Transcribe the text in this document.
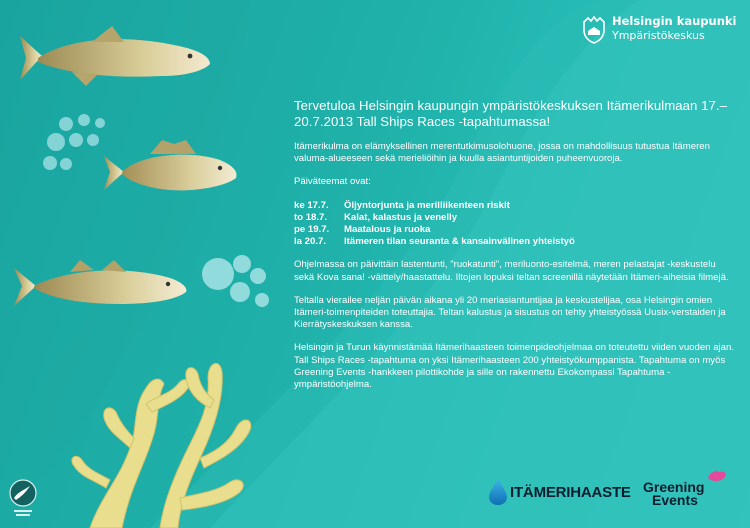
Helsingin kaupunki
Ympäristökeskus
Tervetuloa Helsingin kaupungin ympäristökeskuksen Itämerikulmaan 17.–20.7.2013 Tall Ships Races -tapahtumassa!

Itämerikulma on elämyksellinen merentutkimusolohuone, jossa on mahdollisuus tutustua Itämeren valuma-alueeseen sekä merieliöihin ja kuulla asiantuntijoiden puheenvuoroja.

Päiväteemat ovat:

ke 17.7.	Öljyntorjunta ja merilliikenteen riskit
to 18.7.	Kalat, kalastus ja venelly
pe 19.7.	Maatalous ja ruoka
la 20.7.	Itämeren tilan seuranta & kansainvälinen yhteistyö

Ohjelmassa on päivittäin lastentunti, "ruokatunti", meriluonto-esitelmä, meren pelastajat -keskustelu sekä Kova sana! -väittely/haastattelu. Iltojen lopuksi teltan screenillä näytetään Itämeri-aiheisia filmejä.

Teltalla vierailee neljän päivän aikana yli 20 meriasiantuntijaa ja keskustelijaa, osa Helsingin omien Itämeri-toimenpiteiden toteuttajia. Teltan kalustus ja sisustus on tehty yhteistyössä Uusix-verstaiden ja Kierrätyskeskuksen kanssa.

Helsingin ja Turun käynnistämää Itämerihaasteen toimenpideohjelmaa on toteutettu viiden vuoden ajan. Tall Ships Races -tapahtuma on yksi Itämerihaasteen 200 yhteistyökumppanista. Tapahtuma on myös Greening Events -hankkeen pilottikohde ja sille on rakennettu Ekokompassi Tapahtuma -ympäristöohjelma.

ITÄMERIHAASTE Greening
Events
